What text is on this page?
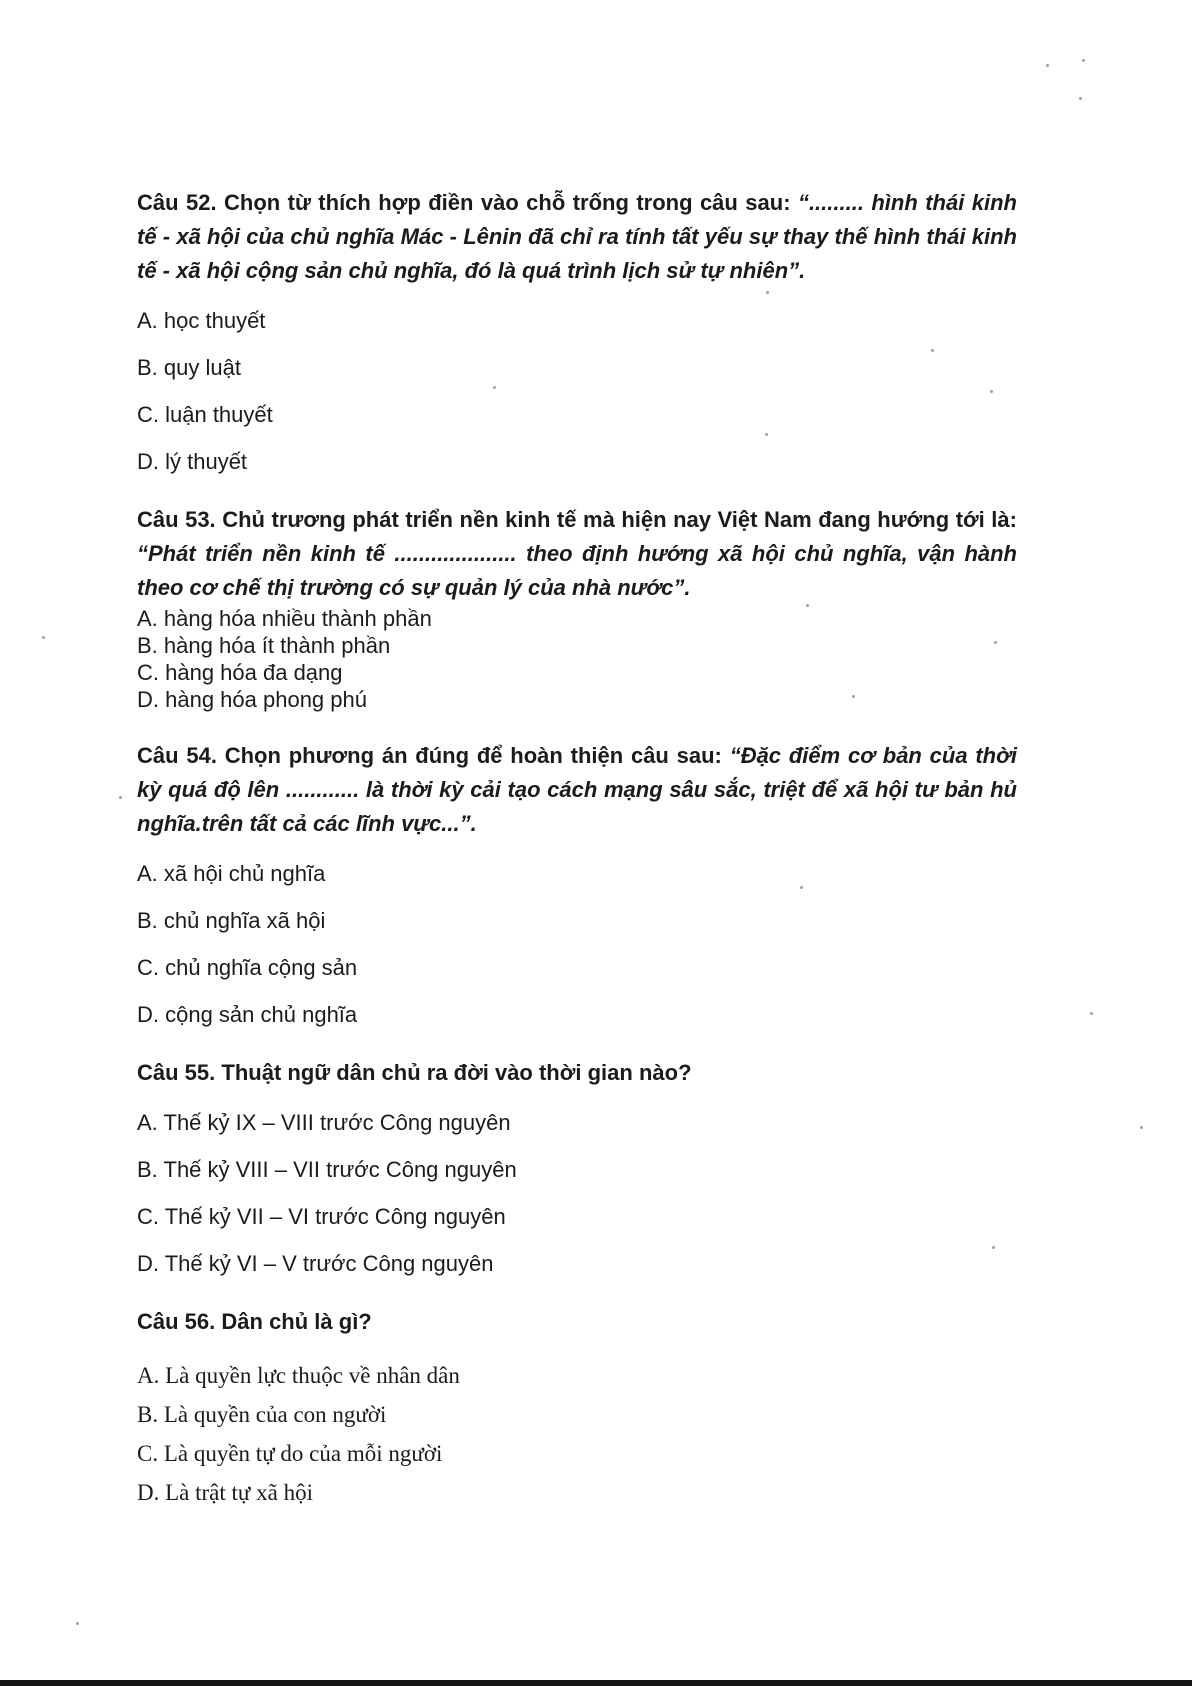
Câu 52. Chọn từ thích hợp điền vào chỗ trống trong câu sau: “......... hình thái kinh tế - xã hội của chủ nghĩa Mác - Lênin đã chỉ ra tính tất yếu sự thay thế hình thái kinh tế - xã hội cộng sản chủ nghĩa, đó là quá trình lịch sử tự nhiên”.

A. học thuyết
B. quy luật
C. luận thuyết
D. lý thuyết

Câu 53. Chủ trương phát triển nền kinh tế mà hiện nay Việt Nam đang hướng tới là: “Phát triển nền kinh tế .................... theo định hướng xã hội chủ nghĩa, vận hành theo cơ chế thị trường có sự quản lý của nhà nước”.

A. hàng hóa nhiều thành phần
B. hàng hóa ít thành phần
C. hàng hóa đa dạng
D. hàng hóa phong phú

Câu 54. Chọn phương án đúng để hoàn thiện câu sau: “Đặc điểm cơ bản của thời kỳ quá độ lên ............ là thời kỳ cải tạo cách mạng sâu sắc, triệt để xã hội tư bản hủ nghĩa.trên tất cả các lĩnh vực...”.

A. xã hội chủ nghĩa
B. chủ nghĩa xã hội
C. chủ nghĩa cộng sản
D. cộng sản chủ nghĩa

Câu 55. Thuật ngữ dân chủ ra đời vào thời gian nào?

A. Thế kỷ IX – VIII trước Công nguyên
B. Thế kỷ VIII – VII trước Công nguyên
C. Thế kỷ VII – VI trước Công nguyên
D. Thế kỷ VI – V trước Công nguyên

Câu 56. Dân chủ là gì?

A. Là quyền lực thuộc về nhân dân
B. Là quyền của con người
C. Là quyền tự do của mỗi người
D. Là trật tự xã hội
